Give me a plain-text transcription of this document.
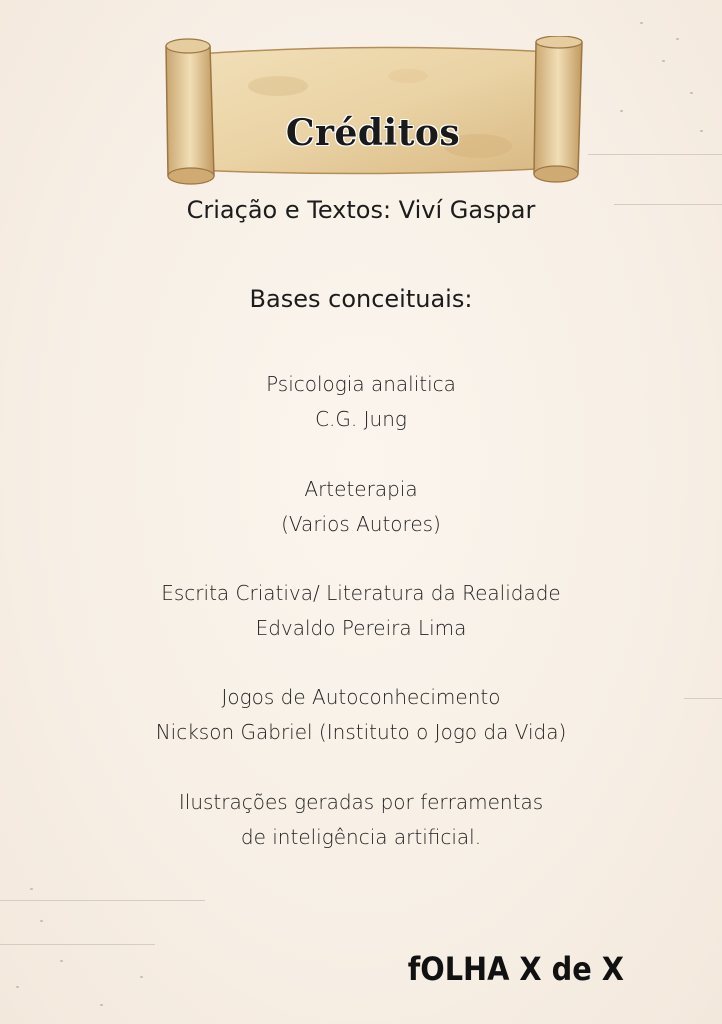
Créditos
Criação e Textos: Viví Gaspar
Bases conceituais:
Psicologia analitica
C.G. Jung
Arteterapia
(Varios Autores)
Escrita Criativa/ Literatura da Realidade
Edvaldo Pereira Lima
Jogos de Autoconhecimento
Nickson Gabriel (Instituto o Jogo da Vida)
Ilustrações geradas por ferramentas
de inteligência artificial.
fOLHA X de X
